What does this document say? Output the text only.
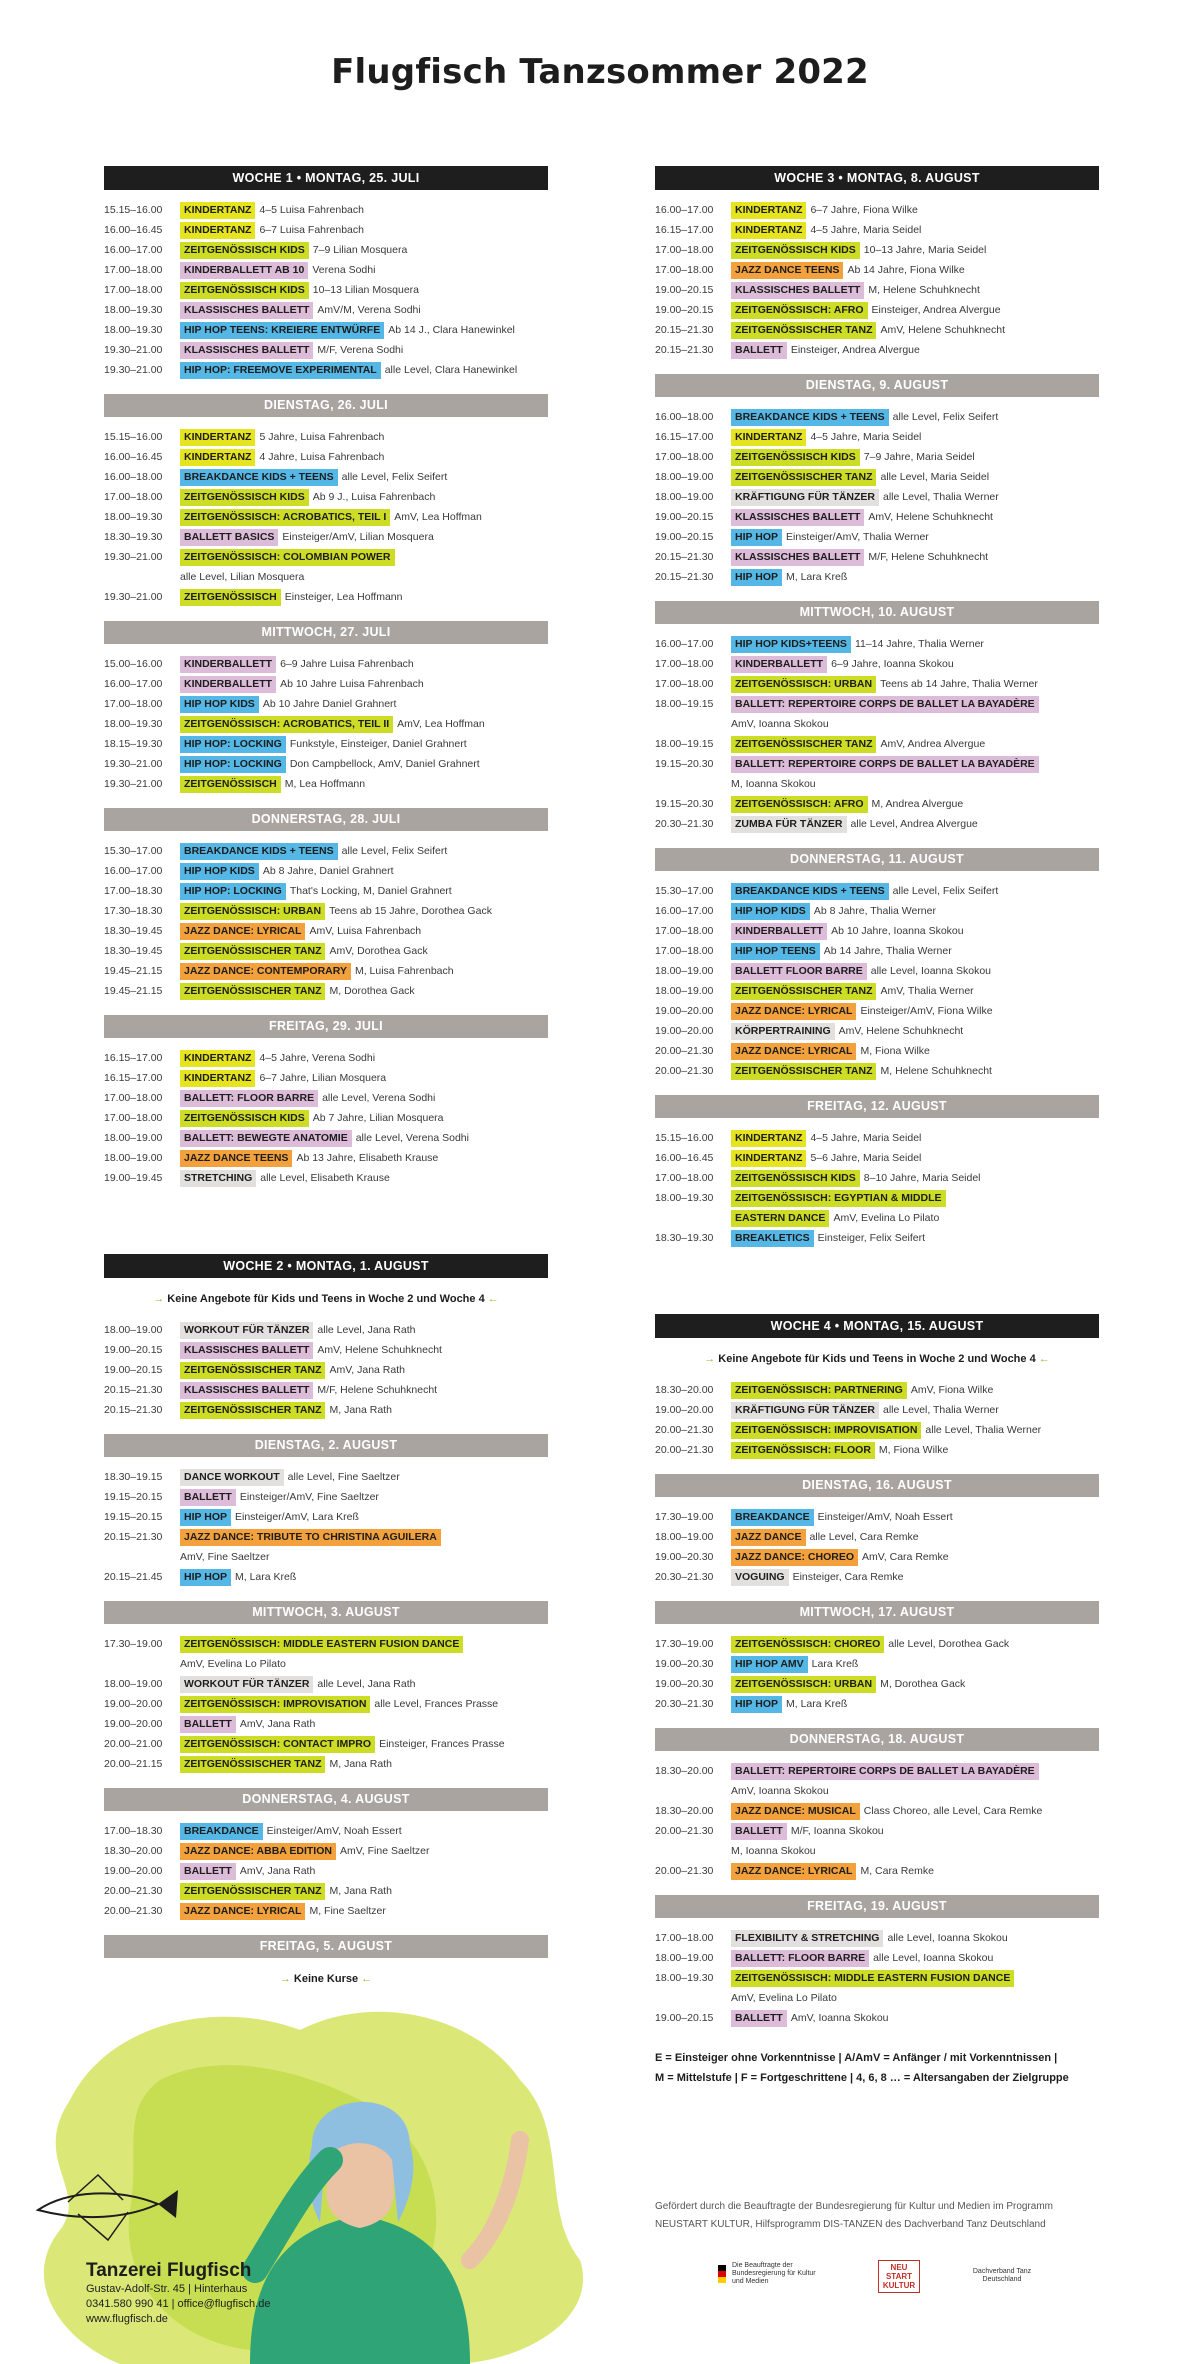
Flugfisch Tanzsommer 2022
WOCHE 1 • MONTAG, 25. JULI
15.15–16.00	KINDERTANZ 4–5 Luisa Fahrenbach
16.00–16.45	KINDERTANZ 6–7 Luisa Fahrenbach
16.00–17.00	ZEITGENÖSSISCH KIDS 7–9 Lilian Mosquera
17.00–18.00	KINDERBALLETT AB 10 Verena Sodhi
17.00–18.00	ZEITGENÖSSISCH KIDS 10–13 Lilian Mosquera
18.00–19.30	KLASSISCHES BALLETT AmV/M, Verena Sodhi
18.00–19.30	HIP HOP TEENS: KREIERE ENTWÜRFE Ab 14 J., Clara Hanewinkel
19.30–21.00	KLASSISCHES BALLETT M/F, Verena Sodhi
19.30–21.00	HIP HOP: FREEMOVE EXPERIMENTAL alle Level, Clara Hanewinkel
DIENSTAG, 26. JULI
15.15–16.00	KINDERTANZ 5 Jahre, Luisa Fahrenbach
16.00–16.45	KINDERTANZ 4 Jahre, Luisa Fahrenbach
16.00–18.00	BREAKDANCE KIDS + TEENS alle Level, Felix Seifert
17.00–18.00	ZEITGENÖSSISCH KIDS Ab 9 J., Luisa Fahrenbach
18.00–19.30	ZEITGENÖSSISCH: ACROBATICS, TEIL I AmV, Lea Hoffman
18.30–19.30	BALLETT BASICS Einsteiger/AmV, Lilian Mosquera
19.30–21.00	ZEITGENÖSSISCH: COLOMBIAN POWER
alle Level, Lilian Mosquera
19.30–21.00	ZEITGENÖSSISCH Einsteiger, Lea Hoffmann
MITTWOCH, 27. JULI
15.00–16.00	KINDERBALLETT 6–9 Jahre Luisa Fahrenbach
16.00–17.00	KINDERBALLETT Ab 10 Jahre Luisa Fahrenbach
17.00–18.00	HIP HOP KIDS Ab 10 Jahre Daniel Grahnert
18.00–19.30	ZEITGENÖSSISCH: ACROBATICS, TEIL II AmV, Lea Hoffman
18.15–19.30	HIP HOP: LOCKING Funkstyle, Einsteiger, Daniel Grahnert
19.30–21.00	HIP HOP: LOCKING Don Campbellock, AmV, Daniel Grahnert
19.30–21.00	ZEITGENÖSSISCH M, Lea Hoffmann
DONNERSTAG, 28. JULI
15.30–17.00	BREAKDANCE KIDS + TEENS alle Level, Felix Seifert
16.00–17.00	HIP HOP KIDS Ab 8 Jahre, Daniel Grahnert
17.00–18.30	HIP HOP: LOCKING That's Locking, M, Daniel Grahnert
17.30–18.30	ZEITGENÖSSISCH: URBAN Teens ab 15 Jahre, Dorothea Gack
18.30–19.45	JAZZ DANCE: LYRICAL AmV, Luisa Fahrenbach
18.30–19.45	ZEITGENÖSSISCHER TANZ AmV, Dorothea Gack
19.45–21.15	JAZZ DANCE: CONTEMPORARY M, Luisa Fahrenbach
19.45–21.15	ZEITGENÖSSISCHER TANZ M, Dorothea Gack
FREITAG, 29. JULI
16.15–17.00	KINDERTANZ 4–5 Jahre, Verena Sodhi
16.15–17.00	KINDERTANZ 6–7 Jahre, Lilian Mosquera
17.00–18.00	BALLETT: FLOOR BARRE alle Level, Verena Sodhi
17.00–18.00	ZEITGENÖSSISCH KIDS Ab 7 Jahre, Lilian Mosquera
18.00–19.00	BALLETT: BEWEGTE ANATOMIE alle Level, Verena Sodhi
18.00–19.00	JAZZ DANCE TEENS Ab 13 Jahre, Elisabeth Krause
19.00–19.45	STRETCHING alle Level, Elisabeth Krause
WOCHE 2 • MONTAG, 1. AUGUST
→ Keine Angebote für Kids und Teens in Woche 2 und Woche 4 ←
18.00–19.00	WORKOUT FÜR TÄNZER alle Level, Jana Rath
19.00–20.15	KLASSISCHES BALLETT AmV, Helene Schuhknecht
19.00–20.15	ZEITGENÖSSISCHER TANZ AmV, Jana Rath
20.15–21.30	KLASSISCHES BALLETT M/F, Helene Schuhknecht
20.15–21.30	ZEITGENÖSSISCHER TANZ M, Jana Rath
DIENSTAG, 2. AUGUST
18.30–19.15	DANCE WORKOUT alle Level, Fine Saeltzer
19.15–20.15	BALLETT Einsteiger/AmV, Fine Saeltzer
19.15–20.15	HIP HOP Einsteiger/AmV, Lara Kreß
20.15–21.30	JAZZ DANCE: TRIBUTE TO CHRISTINA AGUILERA
AmV, Fine Saeltzer
20.15–21.45	HIP HOP M, Lara Kreß
MITTWOCH, 3. AUGUST
17.30–19.00	ZEITGENÖSSISCH: MIDDLE EASTERN FUSION DANCE
AmV, Evelina Lo Pilato
18.00–19.00	WORKOUT FÜR TÄNZER alle Level, Jana Rath
19.00–20.00	ZEITGENÖSSISCH: IMPROVISATION alle Level, Frances Prasse
19.00–20.00	BALLETT AmV, Jana Rath
20.00–21.00	ZEITGENÖSSISCH: CONTACT IMPRO Einsteiger, Frances Prasse
20.00–21.15	ZEITGENÖSSISCHER TANZ M, Jana Rath
DONNERSTAG, 4. AUGUST
17.00–18.30	BREAKDANCE Einsteiger/AmV, Noah Essert
18.30–20.00	JAZZ DANCE: ABBA EDITION AmV, Fine Saeltzer
19.00–20.00	BALLETT AmV, Jana Rath
20.00–21.30	ZEITGENÖSSISCHER TANZ M, Jana Rath
20.00–21.30	JAZZ DANCE: LYRICAL M, Fine Saeltzer
FREITAG, 5. AUGUST
→ Keine Kurse ←
WOCHE 3 • MONTAG, 8. AUGUST
16.00–17.00	KINDERTANZ 6–7 Jahre, Fiona Wilke
16.15–17.00	KINDERTANZ 4–5 Jahre, Maria Seidel
17.00–18.00	ZEITGENÖSSISCH KIDS 10–13 Jahre, Maria Seidel
17.00–18.00	JAZZ DANCE TEENS Ab 14 Jahre, Fiona Wilke
19.00–20.15	KLASSISCHES BALLETT M, Helene Schuhknecht
19.00–20.15	ZEITGENÖSSISCH: AFRO Einsteiger, Andrea Alvergue
20.15–21.30	ZEITGENÖSSISCHER TANZ AmV, Helene Schuhknecht
20.15–21.30	BALLETT Einsteiger, Andrea Alvergue
DIENSTAG, 9. AUGUST
16.00–18.00	BREAKDANCE KIDS + TEENS alle Level, Felix Seifert
16.15–17.00	KINDERTANZ 4–5 Jahre, Maria Seidel
17.00–18.00	ZEITGENÖSSISCH KIDS 7–9 Jahre, Maria Seidel
18.00–19.00	ZEITGENÖSSISCHER TANZ alle Level, Maria Seidel
18.00–19.00	KRÄFTIGUNG FÜR TÄNZER alle Level, Thalia Werner
19.00–20.15	KLASSISCHES BALLETT AmV, Helene Schuhknecht
19.00–20.15	HIP HOP Einsteiger/AmV, Thalia Werner
20.15–21.30	KLASSISCHES BALLETT M/F, Helene Schuhknecht
20.15–21.30	HIP HOP M, Lara Kreß
MITTWOCH, 10. AUGUST
16.00–17.00	HIP HOP KIDS+TEENS 11–14 Jahre, Thalia Werner
17.00–18.00	KINDERBALLETT 6–9 Jahre, Ioanna Skokou
17.00–18.00	ZEITGENÖSSISCH: URBAN Teens ab 14 Jahre, Thalia Werner
18.00–19.15	BALLETT: REPERTOIRE CORPS DE BALLET LA BAYADÈRE
AmV, Ioanna Skokou
18.00–19.15	ZEITGENÖSSISCHER TANZ AmV, Andrea Alvergue
19.15–20.30	BALLETT: REPERTOIRE CORPS DE BALLET LA BAYADÈRE
M, Ioanna Skokou
19.15–20.30	ZEITGENÖSSISCH: AFRO M, Andrea Alvergue
20.30–21.30	ZUMBA FÜR TÄNZER alle Level, Andrea Alvergue
DONNERSTAG, 11. AUGUST
15.30–17.00	BREAKDANCE KIDS + TEENS alle Level, Felix Seifert
16.00–17.00	HIP HOP KIDS Ab 8 Jahre, Thalia Werner
17.00–18.00	KINDERBALLETT Ab 10 Jahre, Ioanna Skokou
17.00–18.00	HIP HOP TEENS Ab 14 Jahre, Thalia Werner
18.00–19.00	BALLETT FLOOR BARRE alle Level, Ioanna Skokou
18.00–19.00	ZEITGENÖSSISCHER TANZ AmV, Thalia Werner
19.00–20.00	JAZZ DANCE: LYRICAL Einsteiger/AmV, Fiona Wilke
19.00–20.00	KÖRPERTRAINING AmV, Helene Schuhknecht
20.00–21.30	JAZZ DANCE: LYRICAL M, Fiona Wilke
20.00–21.30	ZEITGENÖSSISCHER TANZ M, Helene Schuhknecht
FREITAG, 12. AUGUST
15.15–16.00	KINDERTANZ 4–5 Jahre, Maria Seidel
16.00–16.45	KINDERTANZ 5–6 Jahre, Maria Seidel
17.00–18.00	ZEITGENÖSSISCH KIDS 8–10 Jahre, Maria Seidel
18.00–19.30	ZEITGENÖSSISCH: EGYPTIAN & MIDDLE
EASTERN DANCE AmV, Evelina Lo Pilato
18.30–19.30	BREAKLETICS Einsteiger, Felix Seifert
WOCHE 4 • MONTAG, 15. AUGUST
→ Keine Angebote für Kids und Teens in Woche 2 und Woche 4 ←
18.30–20.00	ZEITGENÖSSISCH: PARTNERING AmV, Fiona Wilke
19.00–20.00	KRÄFTIGUNG FÜR TÄNZER alle Level, Thalia Werner
20.00–21.30	ZEITGENÖSSISCH: IMPROVISATION alle Level, Thalia Werner
20.00–21.30	ZEITGENÖSSISCH: FLOOR M, Fiona Wilke
DIENSTAG, 16. AUGUST
17.30–19.00	BREAKDANCE Einsteiger/AmV, Noah Essert
18.00–19.00	JAZZ DANCE alle Level, Cara Remke
19.00–20.30	JAZZ DANCE: CHOREO AmV, Cara Remke
20.30–21.30	VOGUING Einsteiger, Cara Remke
MITTWOCH, 17. AUGUST
17.30–19.00	ZEITGENÖSSISCH: CHOREO alle Level, Dorothea Gack
19.00–20.30	HIP HOP AMV Lara Kreß
19.00–20.30	ZEITGENÖSSISCH: URBAN M, Dorothea Gack
20.30–21.30	HIP HOP M, Lara Kreß
DONNERSTAG, 18. AUGUST
18.30–20.00	BALLETT: REPERTOIRE CORPS DE BALLET LA BAYADÈRE
AmV, Ioanna Skokou
18.30–20.00	JAZZ DANCE: MUSICAL Class Choreo, alle Level, Cara Remke
20.00–21.30	BALLETT M/F, Ioanna Skokou
M, Ioanna Skokou
20.00–21.30	JAZZ DANCE: LYRICAL M, Cara Remke
FREITAG, 19. AUGUST
17.00–18.00	FLEXIBILITY & STRETCHING alle Level, Ioanna Skokou
18.00–19.00	BALLETT: FLOOR BARRE alle Level, Ioanna Skokou
18.00–19.30	ZEITGENÖSSISCH: MIDDLE EASTERN FUSION DANCE
AmV, Evelina Lo Pilato
19.00–20.15	BALLETT AmV, Ioanna Skokou
Tanzerei Flugfisch
Gustav-Adolf-Str. 45 | Hinterhaus
0341.580 990 41 | office@flugfisch.de
www.flugfisch.de
E = Einsteiger ohne Vorkenntnisse | A/AmV = Anfänger / mit Vorkenntnissen |
M = Mittelstufe | F = Fortgeschrittene | 4, 6, 8 … = Altersangaben der Zielgruppe
Gefördert durch die Beauftragte der Bundesregierung für Kultur und Medien im Programm
NEUSTART KULTUR, Hilfsprogramm DIS-TANZEN des Dachverband Tanz Deutschland
Die Beauftragte der Bundesregierung für Kultur und Medien
NEU START KULTUR
Dachverband Tanz Deutschland
